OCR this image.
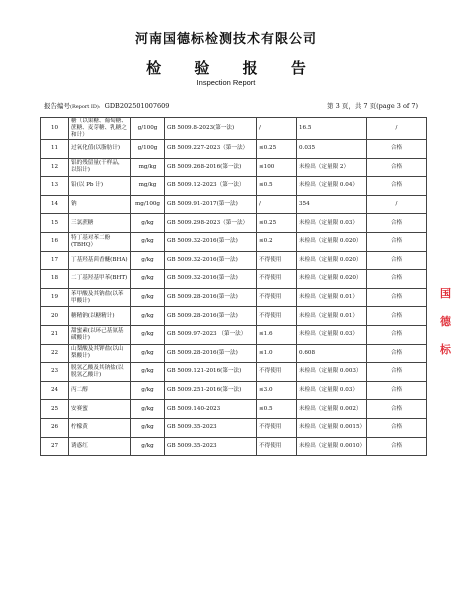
河南国德标检测技术有限公司
检 验 报 告
Inspection Report
报告编号(Report ID): GDB202501007609	第 3 页，共 7 页(page 3 of 7)
10	糖（以果糖、葡萄糖、蔗糖、麦芽糖、乳糖之和计）	g/100g	GB 5009.8-2023(第一法)	/	16.5	/
11	过氧化值(以脂肪计)	g/100g	GB 5009.227-2023（第一法）	≤0.25	0.035	合格
12	铝的残留量(干样品，以铝计)	mg/kg	GB 5009.268-2016(第一法)	≤100	未检出（定量限 2）	合格
13	铅(以 Pb 计)	mg/kg	GB 5009.12-2023（第一法）	≤0.5	未检出（定量限 0.04）	合格
14	钠	mg/100g	GB 5009.91-2017(第一法)	/	354	/
15	三氯蔗糖	g/kg	GB 5009.298-2023（第一法）	≤0.25	未检出（定量限 0.03）	合格
16	特丁基对苯二酚(TBHQ）	g/kg	GB 5009.32-2016(第一法)	≤0.2	未检出（定量限 0.020）	合格
17	丁基羟基茴香醚(BHA)	g/kg	GB 5009.32-2016(第一法)	不得使用	未检出（定量限 0.020）	合格
18	二丁基羟基甲苯(BHT)	g/kg	GB 5009.32-2016(第一法)	不得使用	未检出（定量限 0.020）	合格
19	苯甲酸及其钠盐(以苯甲酸计)	g/kg	GB 5009.28-2016(第一法)	不得使用	未检出（定量限 0.01）	合格
20	糖精钠(以糖精计)	g/kg	GB 5009.28-2016(第一法)	不得使用	未检出（定量限 0.01）	合格
21	甜蜜素(以环己基氨基磺酸计)	g/kg	GB 5009.97-2023 （第一法）	≤1.6	未检出（定量限 0.03）	合格
22	山梨酸及其钾盐(以山梨酸计)	g/kg	GB 5009.28-2016(第一法)	≤1.0	0.608	合格
23	脱氢乙酸及其钠盐(以脱氢乙酸计)	g/kg	GB 5009.121-2016(第一法)	不得使用	未检出（定量限 0.003）	合格
24	丙二醇	g/kg	GB 5009.251-2016(第一法)	≤3.0	未检出（定量限 0.03）	合格
25	安赛蜜	g/kg	GB 5009.140-2023	≤0.5	未检出（定量限 0.002）	合格
26	柠檬黄	g/kg	GB 5009.35-2023	不得使用	未检出（定量限 0.0015）	合格
27	诱惑红	g/kg	GB 5009.35-2023	不得使用	未检出（定量限 0.0010）	合格
国
德
标
